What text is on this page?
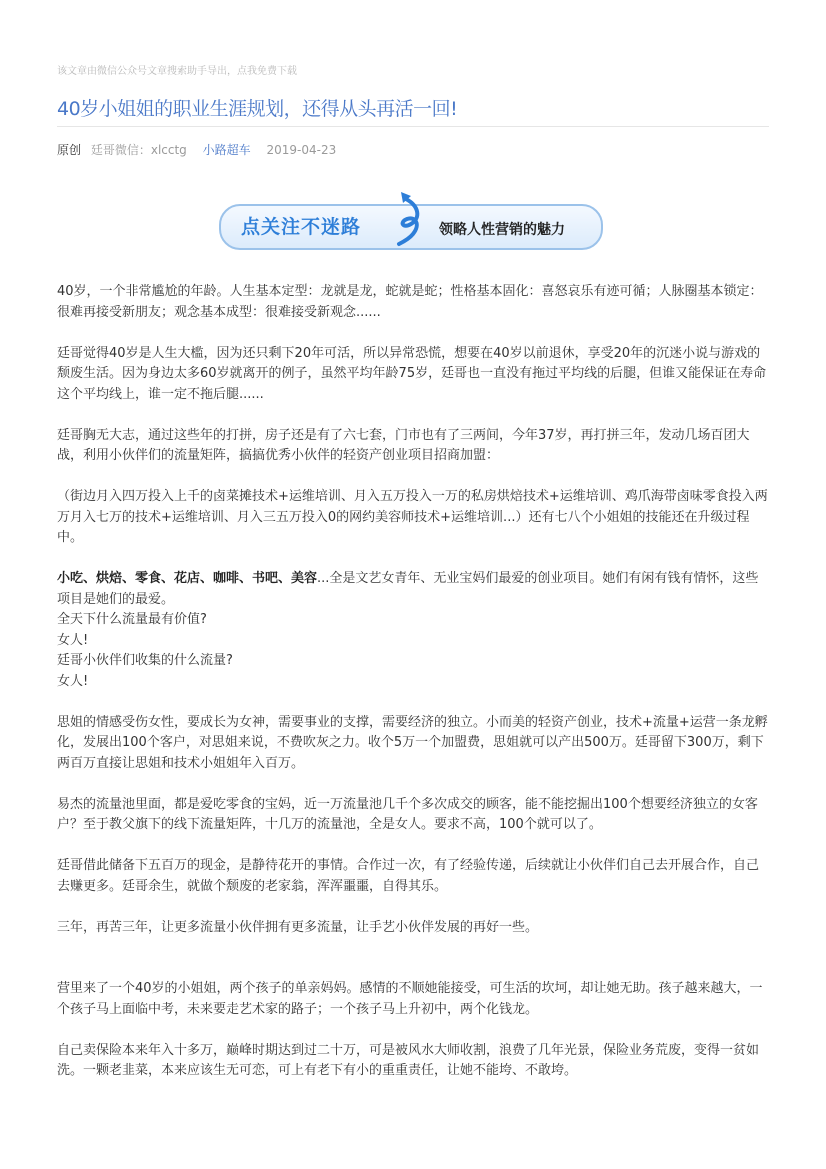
该文章由微信公众号文章搜索助手导出，点我免费下载
40岁小姐姐的职业生涯规划，还得从头再活一回!
原创 廷哥微信：xlcctg 小路超车 2019-04-23
点关注不迷路	领略人性营销的魅力

40岁，一个非常尴尬的年龄。人生基本定型：龙就是龙，蛇就是蛇；性格基本固化：喜怒哀乐有迹可循；人脉圈基本锁定：很难再接受新朋友；观念基本成型：很难接受新观念......

廷哥觉得40岁是人生大槛，因为还只剩下20年可活，所以异常恐慌，想要在40岁以前退休，享受20年的沉迷小说与游戏的颓废生活。因为身边太多60岁就离开的例子，虽然平均年龄75岁，廷哥也一直没有拖过平均线的后腿，但谁又能保证在寿命这个平均线上，谁一定不拖后腿......

廷哥胸无大志，通过这些年的打拼，房子还是有了六七套，门市也有了三两间，今年37岁，再打拼三年，发动几场百团大战，利用小伙伴们的流量矩阵，搞搞优秀小伙伴的轻资产创业项目招商加盟：

（街边月入四万投入上千的卤菜摊技术+运维培训、月入五万投入一万的私房烘焙技术+运维培训、鸡爪海带卤味零食投入两万月入七万的技术+运维培训、月入三五万投入0的网约美容师技术+运维培训...）还有七八个小姐姐的技能还在升级过程中。

小吃、烘焙、零食、花店、咖啡、书吧、美容...全是文艺女青年、无业宝妈们最爱的创业项目。她们有闲有钱有情怀，这些项目是她们的最爱。
全天下什么流量最有价值?
女人!
廷哥小伙伴们收集的什么流量?
女人!

思姐的情感受伤女性，要成长为女神，需要事业的支撑，需要经济的独立。小而美的轻资产创业，技术+流量+运营一条龙孵化，发展出100个客户，对思姐来说，不费吹灰之力。收个5万一个加盟费，思姐就可以产出500万。廷哥留下300万，剩下两百万直接让思姐和技术小姐姐年入百万。

易杰的流量池里面，都是爱吃零食的宝妈，近一万流量池几千个多次成交的顾客，能不能挖掘出100个想要经济独立的女客户？至于教父旗下的线下流量矩阵，十几万的流量池，全是女人。要求不高，100个就可以了。

廷哥借此储备下五百万的现金，是静待花开的事情。合作过一次，有了经验传递，后续就让小伙伴们自己去开展合作，自己去赚更多。廷哥余生，就做个颓废的老家翁，浑浑噩噩，自得其乐。

三年，再苦三年，让更多流量小伙伴拥有更多流量，让手艺小伙伴发展的再好一些。

营里来了一个40岁的小姐姐，两个孩子的单亲妈妈。感情的不顺她能接受，可生活的坎坷，却让她无助。孩子越来越大，一个孩子马上面临中考，未来要走艺术家的路子；一个孩子马上升初中，两个化钱龙。

自己卖保险本来年入十多万，巅峰时期达到过二十万，可是被风水大师收割，浪费了几年光景，保险业务荒废，变得一贫如洗。一颗老韭菜，本来应该生无可恋，可上有老下有小的重重责任，让她不能垮、不敢垮。
